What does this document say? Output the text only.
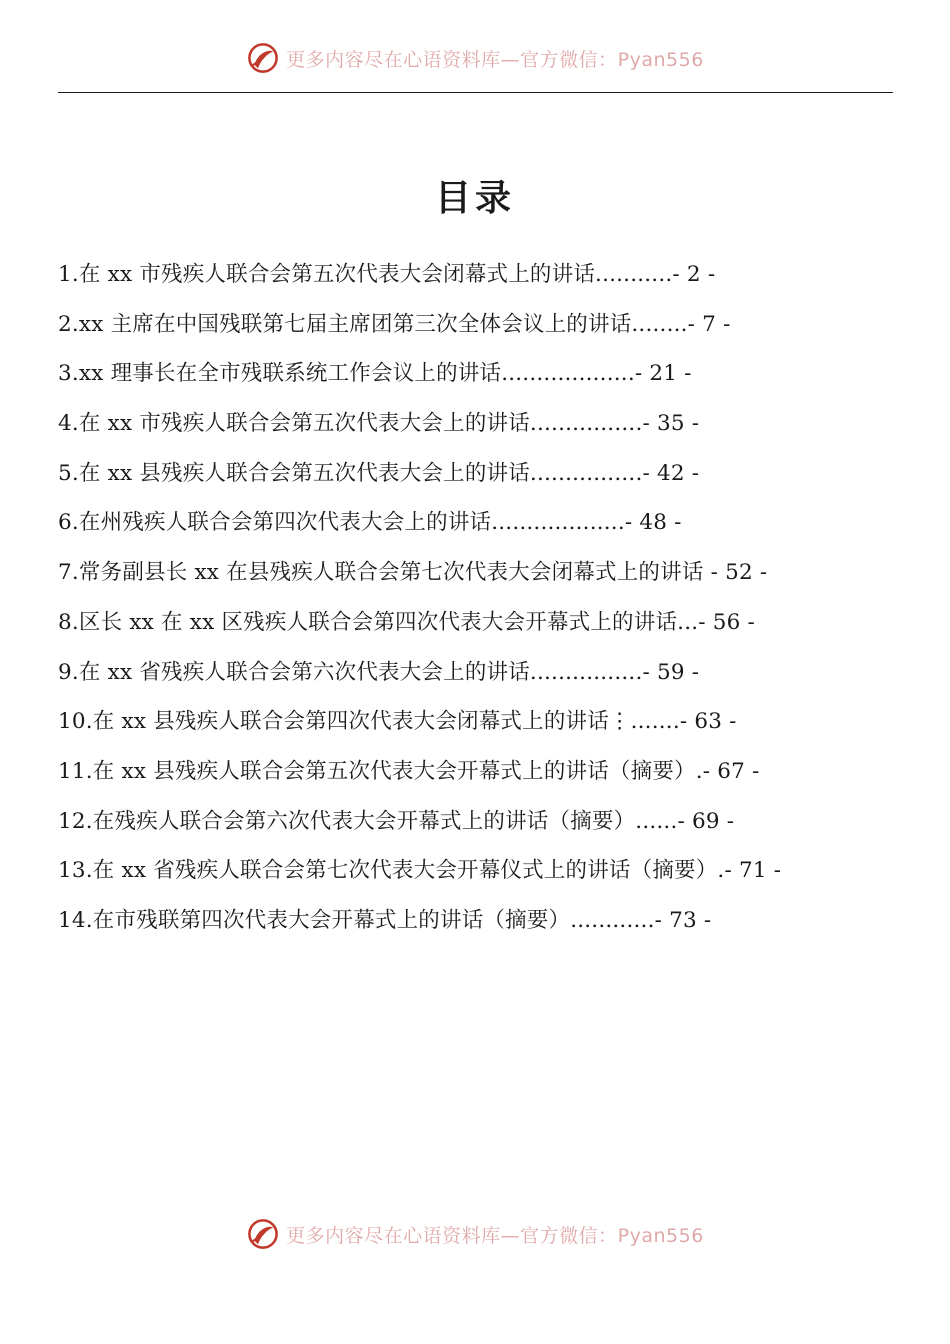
更多内容尽在心语资料库—官方微信：Pyan556
目录
1.在 xx 市残疾人联合会第五次代表大会闭幕式上的讲话...........- 2 -
2.xx 主席在中国残联第七届主席团第三次全体会议上的讲话........- 7 -
3.xx 理事长在全市残联系统工作会议上的讲话...................- 21 -
4.在 xx 市残疾人联合会第五次代表大会上的讲话................- 35 -
5.在 xx 县残疾人联合会第五次代表大会上的讲话................- 42 -
6.在州残疾人联合会第四次代表大会上的讲话...................- 48 -
7.常务副县长 xx 在县残疾人联合会第七次代表大会闭幕式上的讲话 - 52 -
8.区长 xx 在 xx 区残疾人联合会第四次代表大会开幕式上的讲话...- 56 -
9.在 xx 省残疾人联合会第六次代表大会上的讲话................- 59 -
10.在 xx 县残疾人联合会第四次代表大会闭幕式上的讲话⋮.......- 63 -
11.在 xx 县残疾人联合会第五次代表大会开幕式上的讲话（摘要）.- 67 -
12.在残疾人联合会第六次代表大会开幕式上的讲话（摘要）......- 69 -
13.在 xx 省残疾人联合会第七次代表大会开幕仪式上的讲话（摘要）.- 71 -
14.在市残联第四次代表大会开幕式上的讲话（摘要）............- 73 -
更多内容尽在心语资料库—官方微信：Pyan556
